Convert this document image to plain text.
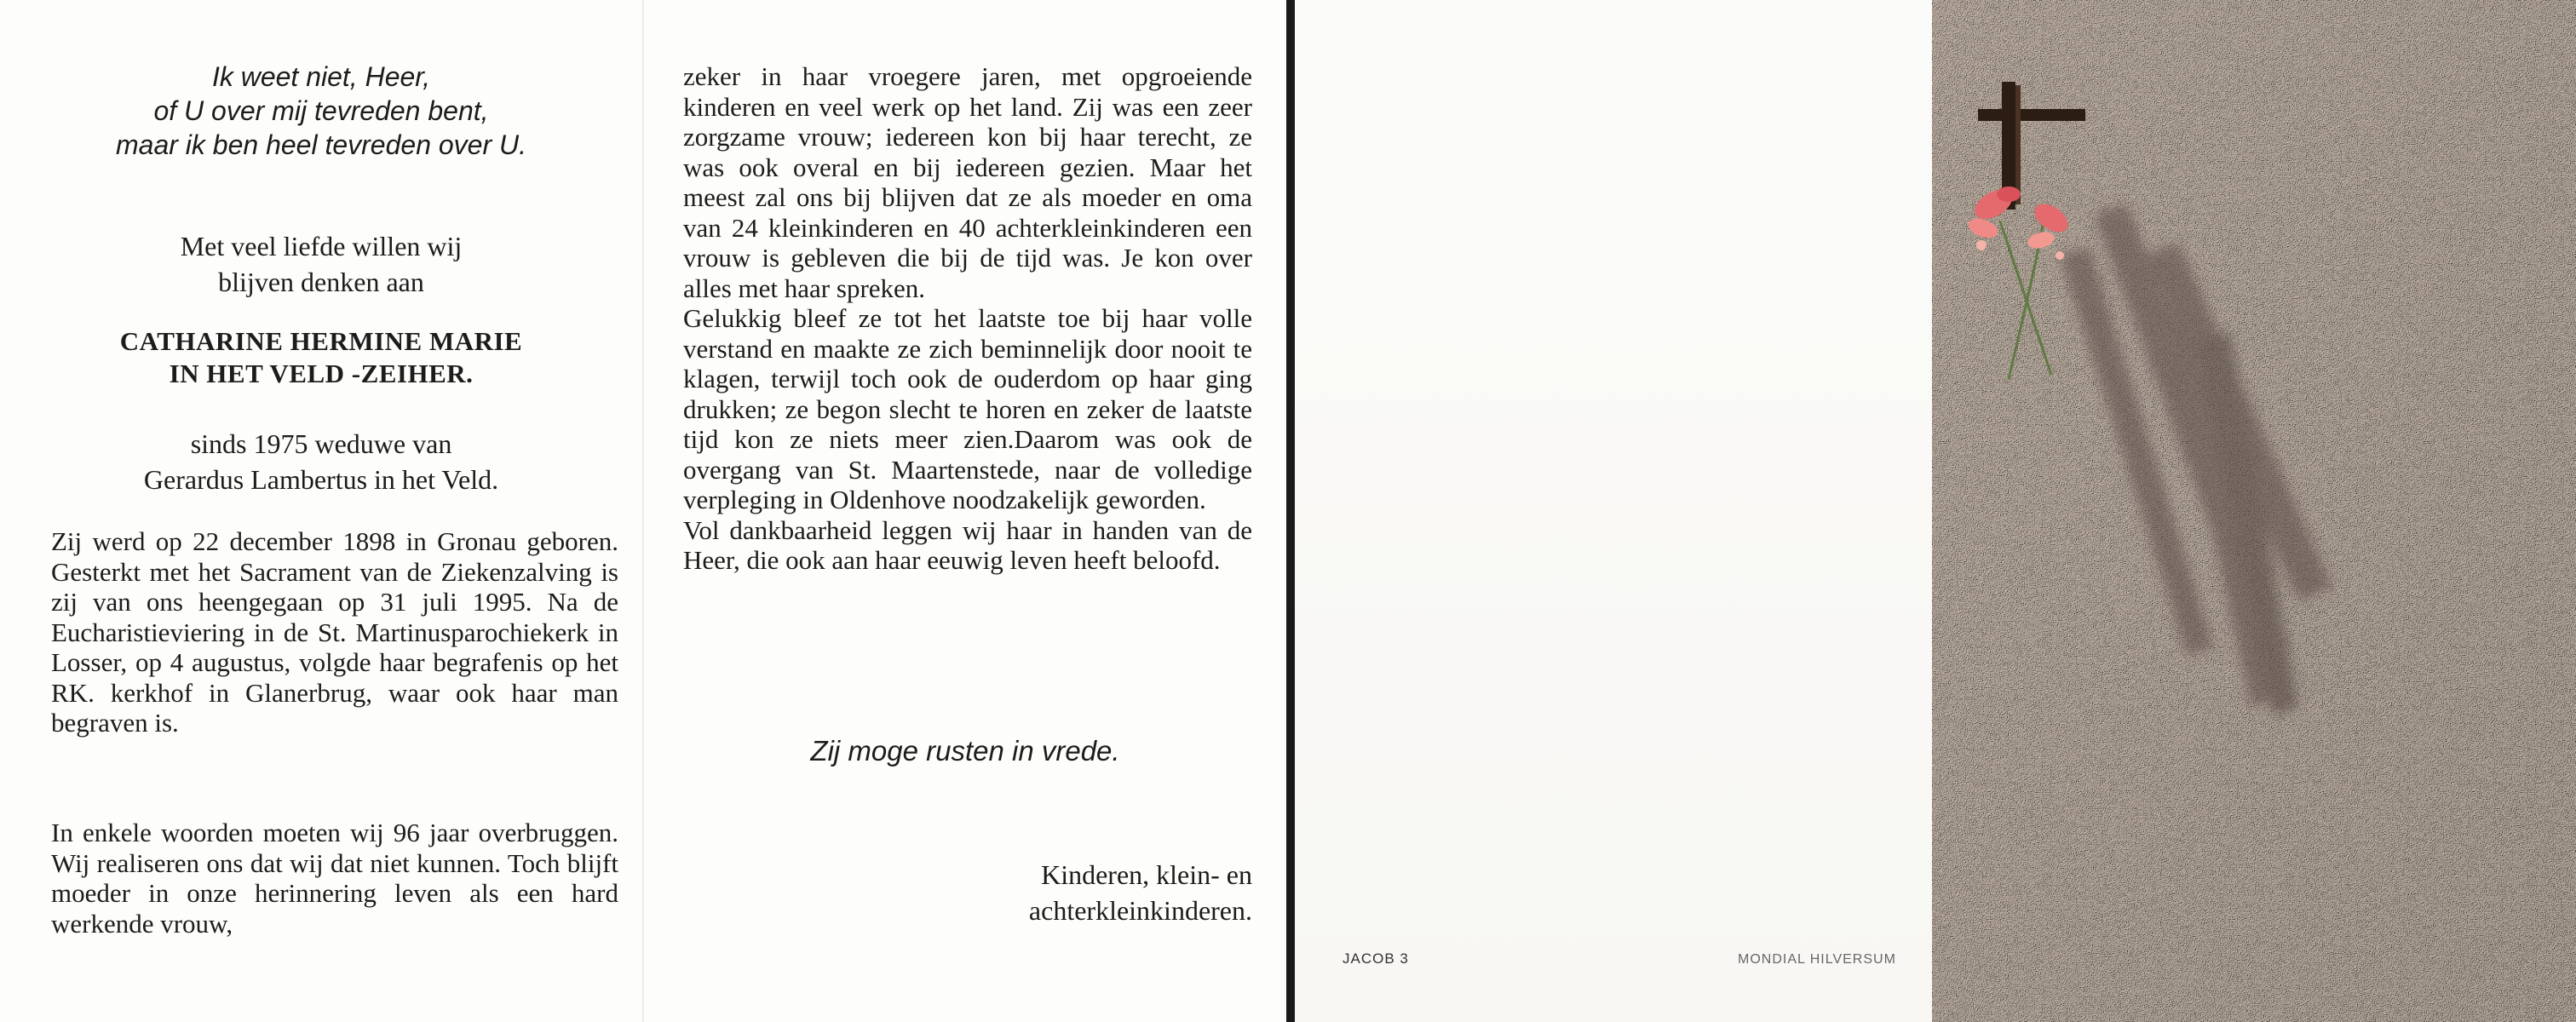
Ik weet niet, Heer,
of U over mij tevreden bent,
maar ik ben heel tevreden over U.
Met veel liefde willen wij
blijven denken aan
CATHARINE HERMINE MARIE
IN HET VELD -ZEIHER.
sinds 1975 weduwe van
Gerardus Lambertus in het Veld.

Zij werd op 22 december 1898 in Gronau geboren. Gesterkt met het Sacrament van de Ziekenzalving is zij van ons heengegaan op 31 juli 1995. Na de Eucharistieviering in de St. Martinusparochiekerk in Losser, op 4 augustus, volgde haar begrafenis op het RK. kerkhof in Glanerbrug, waar ook haar man begraven is.

In enkele woorden moeten wij 96 jaar overbruggen. Wij realiseren ons dat wij dat niet kunnen. Toch blijft moeder in onze herinnering leven als een hard werkende vrouw,

zeker in haar vroegere jaren, met opgroeiende kinderen en veel werk op het land. Zij was een zeer zorgzame vrouw; iedereen kon bij haar terecht, ze was ook overal en bij iedereen gezien. Maar het meest zal ons bij blijven dat ze als moeder en oma van 24 kleinkinderen en 40 achterkleinkinderen een vrouw is gebleven die bij de tijd was. Je kon over alles met haar spreken.

Gelukkig bleef ze tot het laatste toe bij haar volle verstand en maakte ze zich beminnelijk door nooit te klagen, terwijl toch ook de ouderdom op haar ging drukken; ze begon slecht te horen en zeker de laatste tijd kon ze niets meer zien.Daarom was ook de overgang van St. Maartenstede, naar de volledige verpleging in Oldenhove noodzakelijk geworden.

Vol dankbaarheid leggen wij haar in handen van de Heer, die ook aan haar eeuwig leven heeft beloofd.

Zij moge rusten in vrede.
Kinderen, klein- en
achterkleinkinderen.
JACOB 3	MONDIAL HILVERSUM
